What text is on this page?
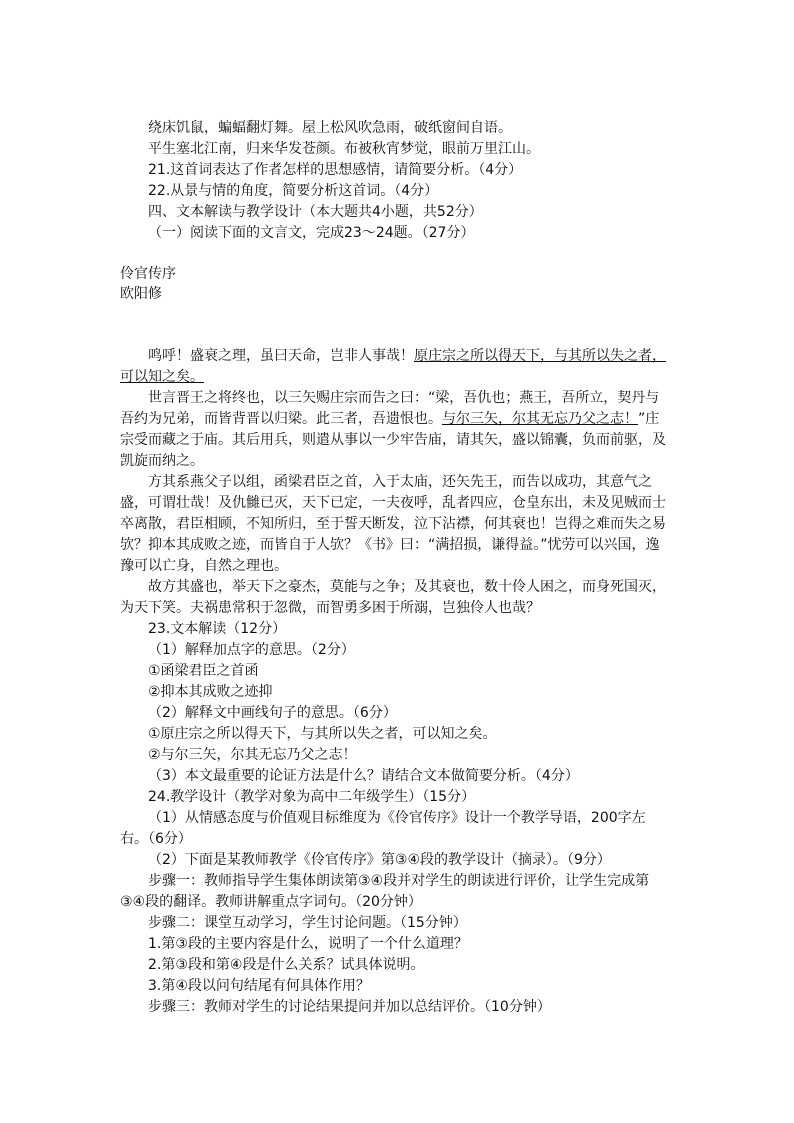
绕床饥鼠，蝙蝠翻灯舞。屋上松风吹急雨，破纸窗间自语。
平生塞北江南，归来华发苍颜。布被秋宵梦觉，眼前万里江山。
21.这首词表达了作者怎样的思想感情，请简要分析。（4分）
22.从景与情的角度，简要分析这首词。（4分）
四、文本解读与教学设计（本大题共4小题，共52分）
（一）阅读下面的文言文，完成23～24题。（27分）
伶官传序
欧阳修
鸣呼！盛衰之理，虽曰天命，岂非人事哉！原庄宗之所以得天下，与其所以失之者，可以知之矣。
世言晋王之将终也，以三矢赐庄宗而告之曰：“梁，吾仇也；燕王，吾所立，契丹与吾约为兄弟，而皆背晋以归梁。此三者，吾遗恨也。与尔三矢，尔其无忘乃父之志！”庄宗受而藏之于庙。其后用兵，则遣从事以一少牢告庙，请其矢，盛以锦囊，负而前驱，及凯旋而纳之。
方其系燕父子以组，函梁君臣之首，入于太庙，还矢先王，而告以成功，其意气之盛，可谓壮哉！及仇雠已灭，天下已定，一夫夜呼，乱者四应，仓皇东出，未及见贼而士卒离散，君臣相顾，不知所归，至于誓天断发，泣下沾襟，何其衰也！岂得之难而失之易欤？抑本其成败之迹，而皆自于人欤？《书》曰：“满招损，谦得益。”忧劳可以兴国，逸豫可以亡身，自然之理也。
故方其盛也，举天下之豪杰，莫能与之争；及其衰也，数十伶人困之，而身死国灭，为天下笑。夫祸患常积于忽微，而智勇多困于所溺，岂独伶人也哉？
23.文本解读（12分）
（1）解释加点字的意思。（2分）
①函梁君臣之首函
②抑本其成败之迹抑
（2）解释文中画线句子的意思。（6分）
①原庄宗之所以得天下，与其所以失之者，可以知之矣。
②与尔三矢，尔其无忘乃父之志！
（3）本文最重要的论证方法是什么？请结合文本做简要分析。（4分）
24.教学设计（教学对象为高中二年级学生）（15分）
（1）从情感态度与价值观目标维度为《伶官传序》设计一个教学导语，200字左右。（6分）
（2）下面是某教师教学《伶官传序》第③④段的教学设计（摘录）。（9分）
步骤一：教师指导学生集体朗读第③④段并对学生的朗读进行评价，让学生完成第③④段的翻译。教师讲解重点字词句。（20分钟）
步骤二：课堂互动学习，学生讨论问题。（15分钟）
1.第③段的主要内容是什么，说明了一个什么道理？
2.第③段和第④段是什么关系？试具体说明。
3.第④段以问句结尾有何具体作用？
步骤三：教师对学生的讨论结果提问并加以总结评价。（10分钟）
